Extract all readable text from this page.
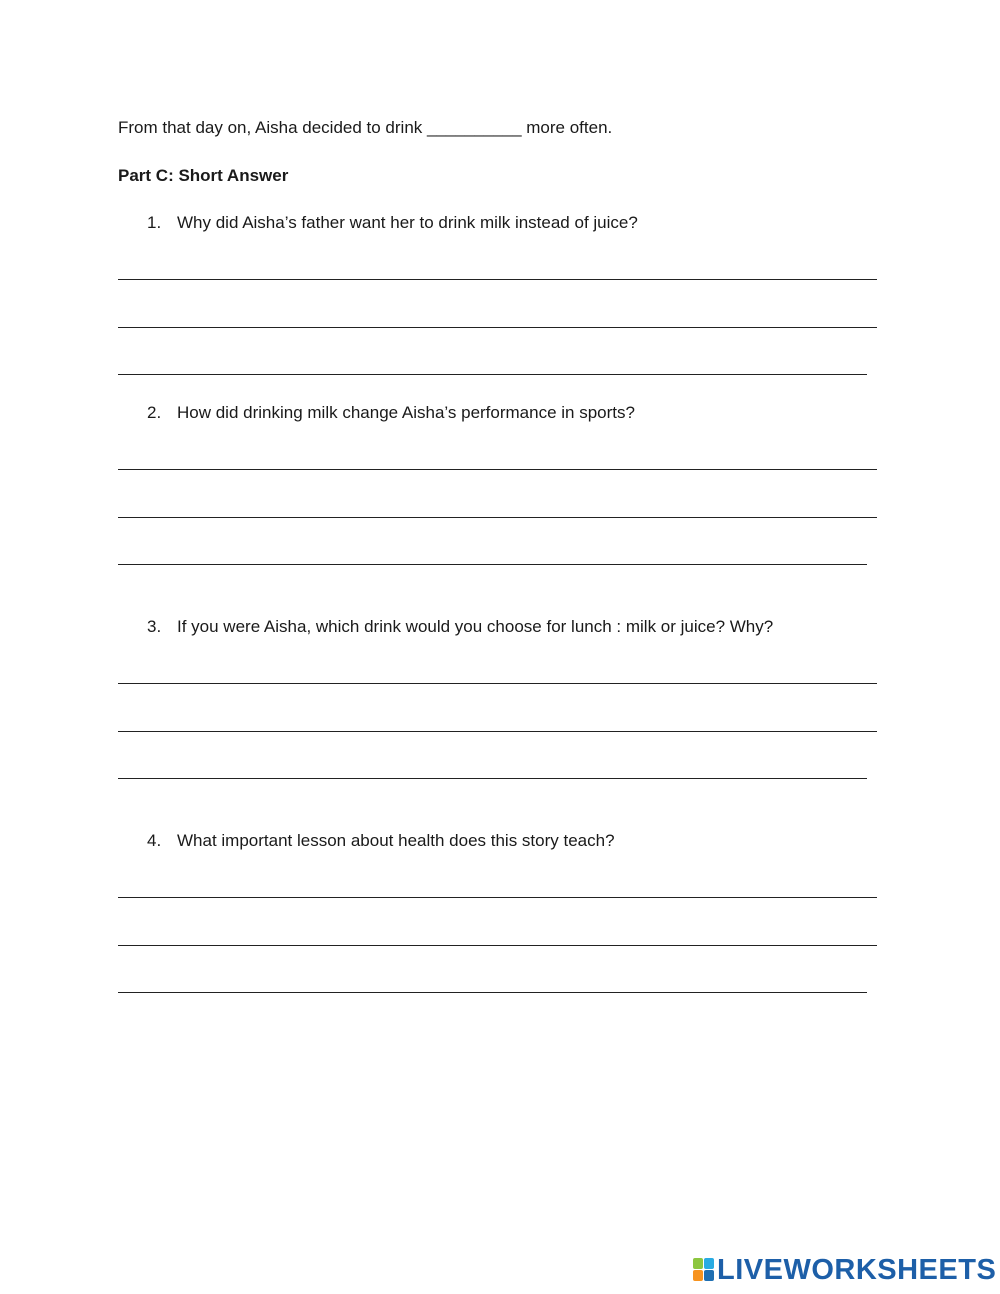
From that day on, Aisha decided to drink __________ more often.
Part C: Short Answer
1. Why did Aisha’s father want her to drink milk instead of juice?
2. How did drinking milk change Aisha’s performance in sports?
3. If you were Aisha, which drink would you choose for lunch : milk or juice? Why?
4. What important lesson about health does this story teach?
LIVEWORKSHEETS
